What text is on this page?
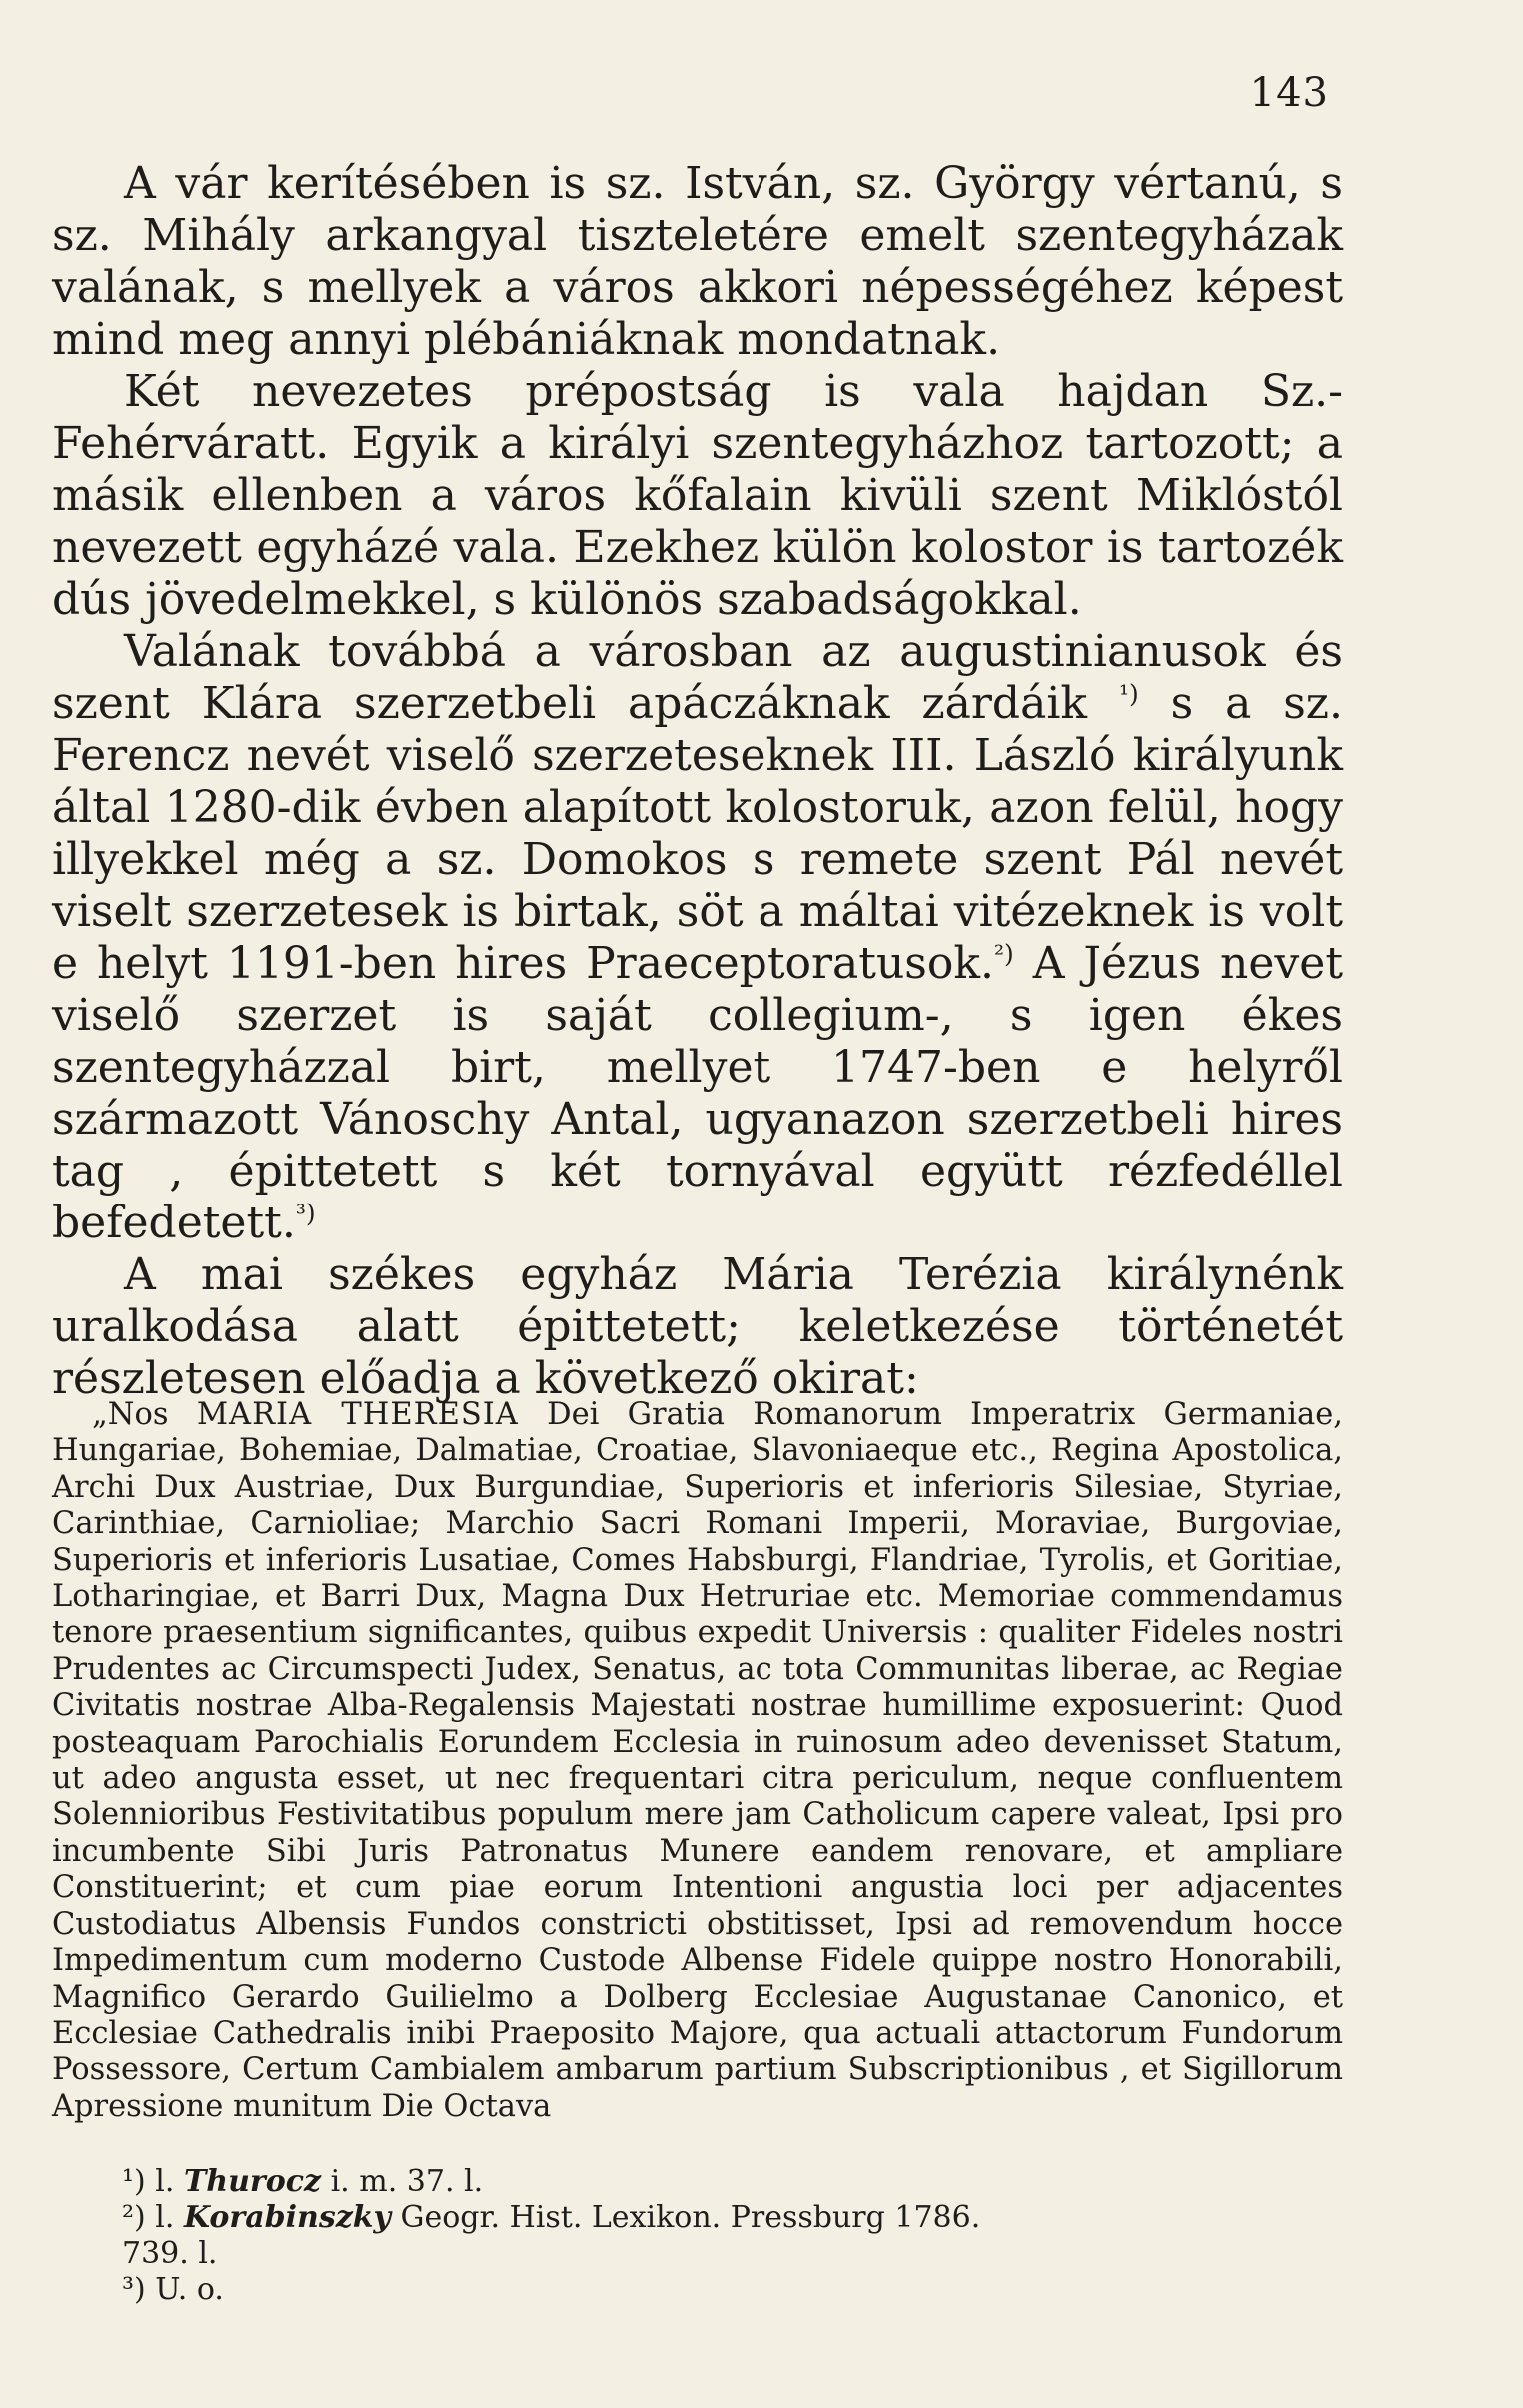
143

A vár kerítésében is sz. István, sz. György vértanú, s sz. Mihály arkangyal tiszteletére emelt szentegyházak valának, s mellyek a város akkori népességéhez képest mind meg annyi plébániáknak mondatnak.

Két nevezetes prépostság is vala hajdan Sz.-Fehérváratt. Egyik a királyi szentegyházhoz tartozott; a másik ellenben a város kőfalain kivüli szent Miklóstól nevezett egyházé vala. Ezekhez külön kolostor is tartozék dús jövedelmekkel, s különös szabadságokkal.

Valának továbbá a városban az augustinianusok és szent Klára szerzetbeli apáczáknak zárdáik $^{^1)}$ s a sz. Ferencz nevét viselő szerzeteseknek III. László királyunk által 1280-dik évben alapított kolostoruk, azon felül, hogy illyekkel még a sz. Domokos s remete szent Pál nevét viselt szerzetesek is birtak, söt a máltai vitézeknek is volt e helyt 1191-ben hires Praeceptoratusok.$^{^2)}$ A Jézus nevet viselő szerzet is saját collegium-, s igen ékes szentegyházzal birt, mellyet 1747-ben e helyről származott Vánoschy Antal, ugyanazon szerzetbeli hires tag , épittetett s két tornyával együtt rézfedéllel befedetett.$^{^3)}$

A mai székes egyház Mária Terézia királynénk uralkodása alatt épittetett; keletkezése történetét részletesen előadja a következő okirat:

„Nos MARIA THERESIA Dei Gratia Romanorum Imperatrix Germaniae, Hungariae, Bohemiae, Dalmatiae, Croatiae, Slavoniaeque etc., Regina Apostolica, Archi Dux Austriae, Dux Burgundiae, Superioris et inferioris Silesiae, Styriae, Carinthiae, Carnioliae; Marchio Sacri Romani Imperii, Moraviae, Burgoviae, Superioris et inferioris Lusatiae, Comes Habsburgi, Flandriae, Tyrolis, et Goritiae, Lotharingiae, et Barri Dux, Magna Dux Hetruriae etc. Memoriae commendamus tenore praesentium significantes, quibus expedit Universis : qualiter Fideles nostri Prudentes ac Circumspecti Judex, Senatus, ac tota Communitas liberae, ac Regiae Civitatis nostrae Alba-Regalensis Majestati nostrae humillime exposuerint: Quod posteaquam Parochialis Eorundem Ecclesia in ruinosum adeo devenisset Statum, ut adeo angusta esset, ut nec frequentari citra periculum, neque confluentem Solennioribus Festivitatibus populum mere jam Catholicum capere valeat, Ipsi pro incumbente Sibi Juris Patronatus Munere eandem renovare, et ampliare Constituerint; et cum piae eorum Intentioni angustia loci per adjacentes Custodiatus Albensis Fundos constricti obstitisset, Ipsi ad removendum hocce Impedimentum cum moderno Custode Albense Fidele quippe nostro Honorabili, Magnifico Gerardo Guilielmo a Dolberg Ecclesiae Augustanae Canonico, et Ecclesiae Cathedralis inibi Praeposito Majore, qua actuali attactorum Fundorum Possessore, Certum Cambialem ambarum partium Subscriptionibus , et Sigillorum Apressione munitum Die Octava

¹) l. Thurocz i. m. 37. l.

²) l. Korabinszky Geogr. Hist. Lexikon. Pressburg 1786. 739. l.

³) U. o.
